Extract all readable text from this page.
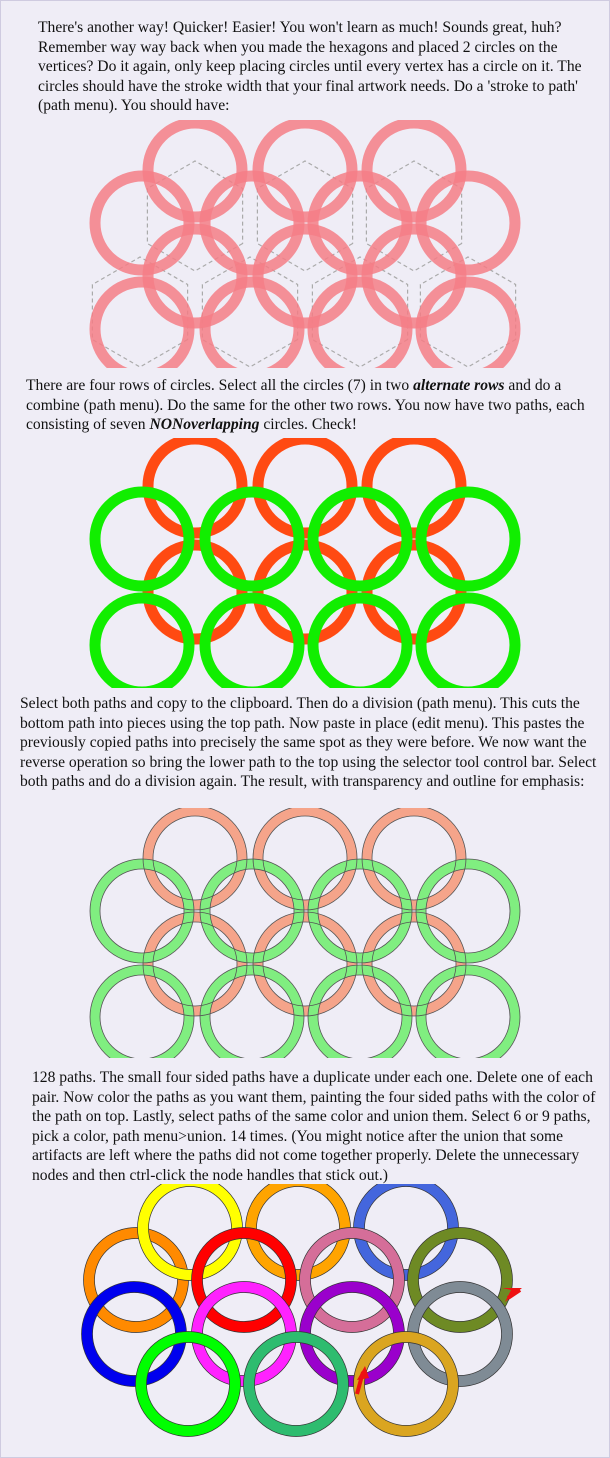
There's another way! Quicker! Easier! You won't learn as much! Sounds great, huh? Remember way way back when you made the hexagons and placed 2 circles on the vertices? Do it again, only keep placing circles until every vertex has a circle on it. The circles should have the stroke width that your final artwork needs. Do a 'stroke to path' (path menu). You should have:

There are four rows of circles. Select all the circles (7) in two alternate rows and do a combine (path menu). Do the same for the other two rows. You now have two paths, each consisting of seven NONoverlapping circles. Check!

Select both paths and copy to the clipboard. Then do a division (path menu). This cuts the bottom path into pieces using the top path. Now paste in place (edit menu). This pastes the previously copied paths into precisely the same spot as they were before. We now want the reverse operation so bring the lower path to the top using the selector tool control bar. Select both paths and do a division again. The result, with transparency and outline for emphasis:

128 paths. The small four sided paths have a duplicate under each one. Delete one of each pair. Now color the paths as you want them, painting the four sided paths with the color of the path on top. Lastly, select paths of the same color and union them. Select 6 or 9 paths, pick a color, path menu>union. 14 times. (You might notice after the union that some artifacts are left where the paths did not come together properly. Delete the unnecessary nodes and then ctrl-click the node handles that stick out.)
